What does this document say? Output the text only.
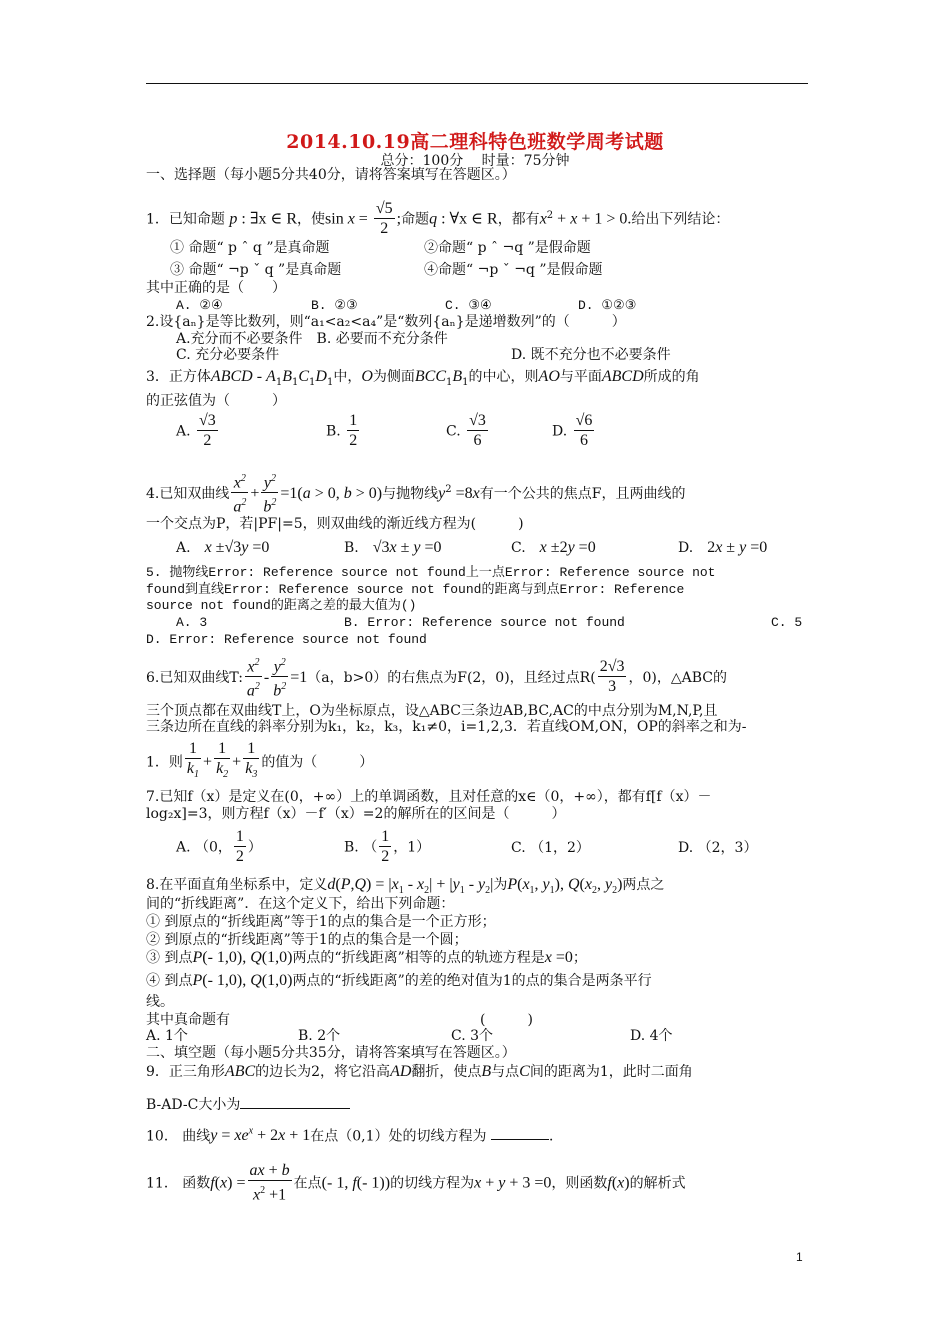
2014.10.19高二理科特色班数学周考试题
总分：100分　 时量：75分钟
一、选择题（每小题5分共40分，请将答案填写在答题区。）
1．已知命题 p : ∃x ∈ R，使$\sin x = \frac{√5}{2}$ ;命题q : ∀x ∈ R，都有$x^2 + x + 1 > 0$.给出下列结论：
① 命题“ p ˆ q ”是真命题	②命题“ p ˆ ¬q ”是假命题
③ 命题“ ¬p ˇ q ”是真命题	④命题“ ¬p ˇ ¬q ”是假命题
其中正确的是（　　）
A. ②④	B. ②③	C. ③④	D. ①②③
2.设{aₙ}是等比数列，则“a₁<a₂<a₄”是“数列{aₙ}是递增数列”的（　　　）
A.充分而不必要条件　B. 必要而不充分条件
C. 充分必要条件	D. 既不充分也不必要条件
3．正方体ABCD - $A_1B_1C_1D_1$中，O为侧面$BCC_1B_1$的中心，则AO与平面ABCD所成的角
的正弦值为（　　　）
A. $\frac{√3}{2}$	B. $\frac{1}{2}$	C. $\frac{√3}{6}$	D. $\frac{√6}{6}$
4.已知双曲线 $\frac{x^2}{a^2} + \frac{y^2}{b^2} =1(a > 0$, b > 0)与抛物线$y^2 =8x$有一个公共的焦点F，且两曲线的
一个交点为P，若|PF|=5，则双曲线的渐近线方程为(　　　)
A.　 x ±√3y =0	B.　 √3x ± y =0	C.　 x ±2y =0	D.　 2x ± y =0
5. 抛物线Error: Reference source not found上一点Error: Reference source not
found到直线Error: Reference source not found的距离与到点Error: Reference
source not found的距离之差的最大值为()
A. 3	B. Error: Reference source not found	C. 5
D. Error: Reference source not found
6.已知双曲线T: $\frac{x^2}{a^2} - \frac{y^2}{b^2} =1(a$，b>0）的右焦点为F(2，0)，且经过点$R( \frac{2√3}{3}$ ，0)，△ABC的
三个顶点都在双曲线T上，O为坐标原点，设△ABC三条边AB,BC,AC的中点分别为M,N,P,且
三条边所在直线的斜率分别为k₁，k₂，k₃，k₁≠0，i=1,2,3．若直线OM,ON，OP的斜率之和为-
1．则 $\frac{1}{k_1} + \frac{1}{k_2} + \frac{1}{k_3}$ 的值为（　　　）
7.已知f（x）是定义在(0，+∞）上的单调函数，且对任意的x∈（0，+∞），都有f[f（x）－
log₂x]=3，则方程f（x）－f′（x）=2的解所在的区间是（　　　）
A. （0， $\frac{1}{2}$ ）	B. （ $\frac{1}{2}$ ，1）	C. （1，2）	D. （2，3）
8.在平面直角坐标系中，定义$d(P,Q) = |x_1 - x_2| + |y_1 - y_2|$为$P(x_1$, $y_1$), $Q(x_2$, $y_2$)两点之
间的“折线距离”．在这个定义下，给出下列命题：
① 到原点的“折线距离”等于1的点的集合是一个正方形；
② 到原点的“折线距离”等于1的点的集合是一个圆；
③ 到点P(- 1,0), Q(1,0)两点的“折线距离”相等的点的轨迹方程是x =0；
④ 到点P(- 1,0), Q(1,0)两点的“折线距离”的差的绝对值为1的点的集合是两条平行
线。
其中真命题有	(　　　)
A. 1个	B. 2个	C. 3个	D. 4个
二、填空题（每小题5分共35分，请将答案填写在答题区。）
9．正三角形ABC的边长为2，将它沿高AD翻折，使点B与点C间的距离为1，此时二面角
B-AD-C大小为
10． 曲线$y = xe^x + 2x + 1$在点（0,1）处的切线方程为	．
11． 函数$f(x) = \frac{ax + b}{x^2 +1}$ 在点(- 1, f(- 1))的切线方程为x + y + 3 =0，则函数f(x)的解析式
1
